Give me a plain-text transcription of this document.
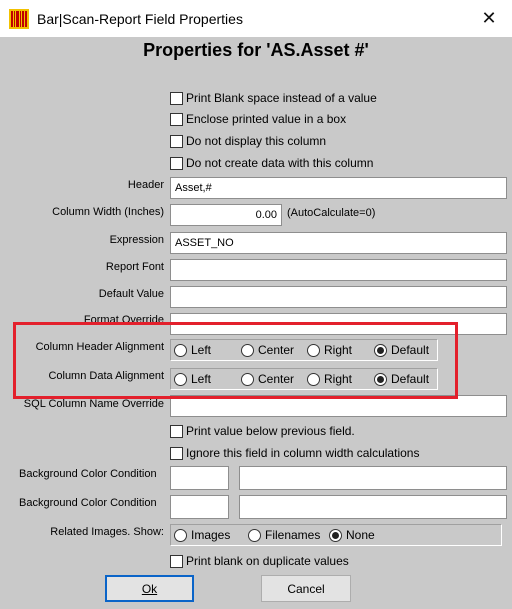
Bar|Scan-Report Field Properties	✕
Properties for 'AS.Asset #'
Print Blank space instead of a value
Enclose printed value in a box
Do not display this column
Do not create data with this column
Header	Asset,#
Column Width (Inches)	0.00 (AutoCalculate=0)
Expression	ASSET_NO
Report Font
Default Value
Format Override
Column Header Alignment Left	Center Right	Default
Column Data Alignment Left	Center Right	Default
SQL Column Name Override
Print value below previous field.
Ignore this field in column width calculations
Background Color Condition
Background Color Condition
Related Images. Show: Images	Filenames None
Print blank on duplicate values
Ok	Cancel
